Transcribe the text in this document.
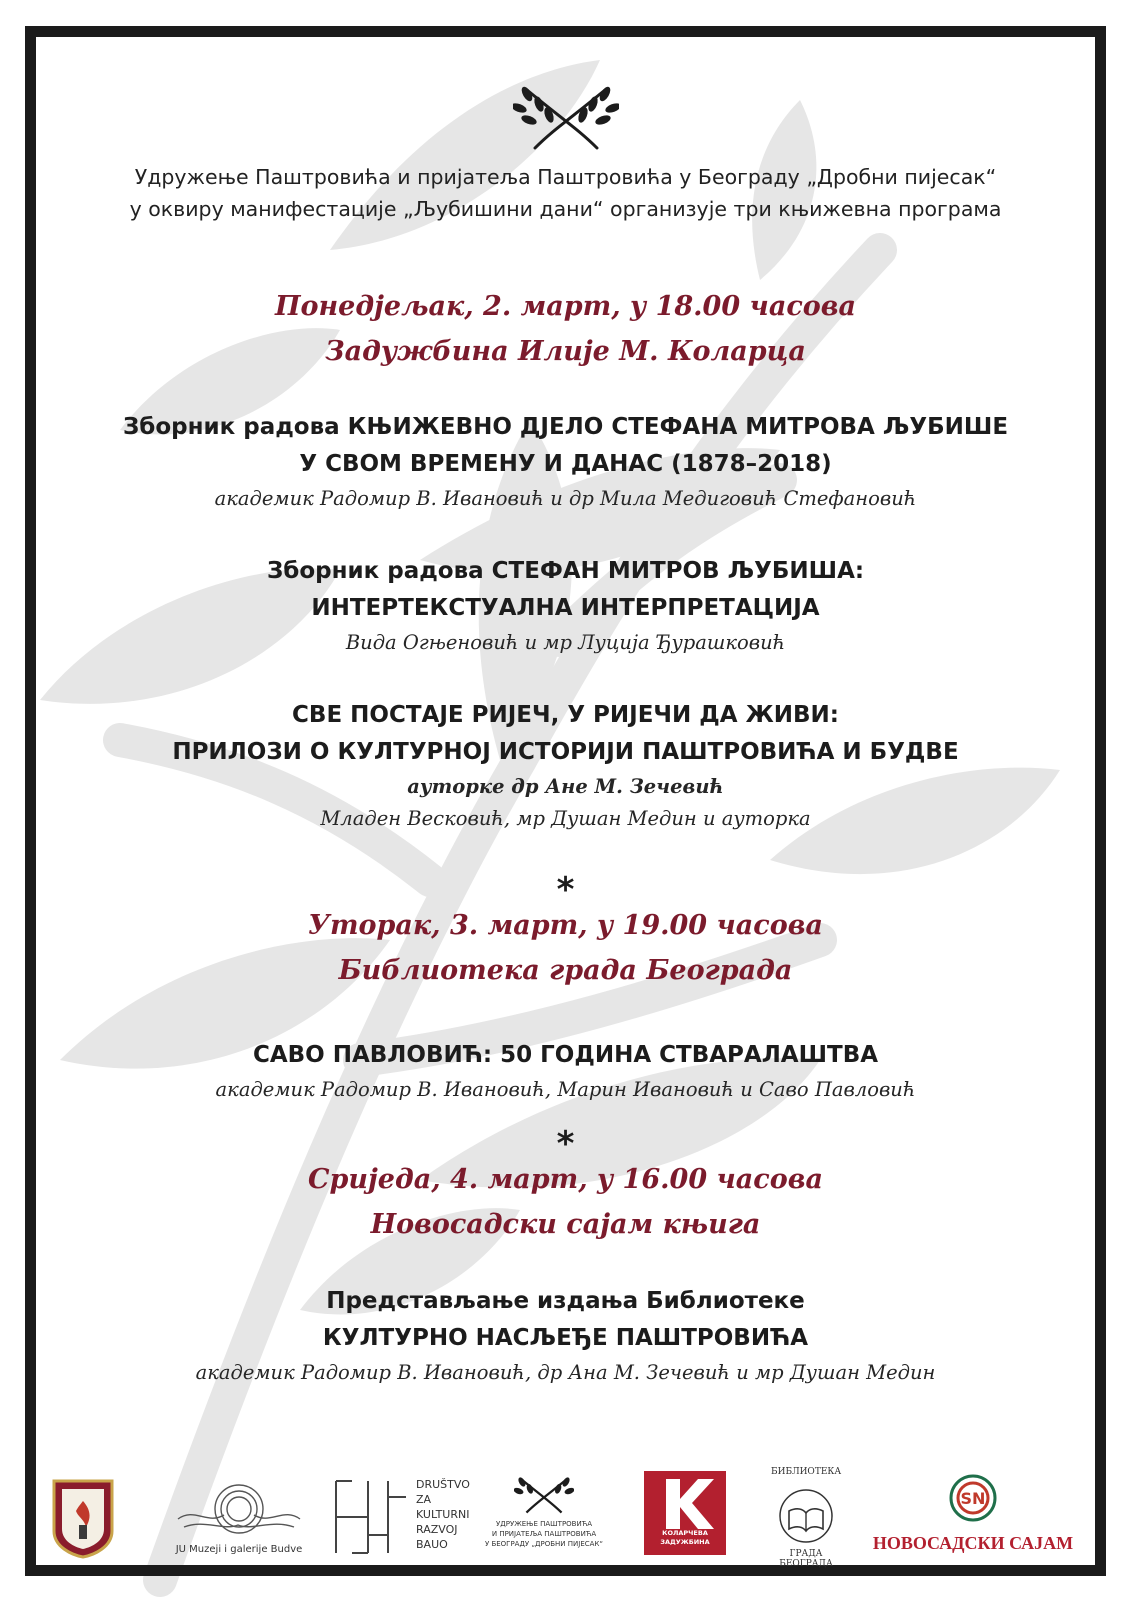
Удружење Паштровића и пријатеља Паштровића у Београду „Дробни пијесак“
у оквиру манифестације „Љубишини дани“ организује три књижевна програма
Понедјељак, 2. март, у 18.00 часова
Задужбина Илије М. Коларца
Зборник радова КЊИЖЕВНО ДЈЕЛО СТЕФАНА МИТРОВА ЉУБИШЕ
У СВОМ ВРЕМЕНУ И ДАНАС (1878–2018)
академик Радомир В. Ивановић и др Мила Медиговић Стефановић
Зборник радова СТЕФАН МИТРОВ ЉУБИША:
ИНТЕРТЕКСТУАЛНА ИНТЕРПРЕТАЦИЈА
Вида Огњеновић и мр Луција Ђурашковић
СВЕ ПОСТАЈЕ РИЈЕЧ, У РИЈЕЧИ ДА ЖИВИ:
ПРИЛОЗИ О КУЛТУРНОЈ ИСТОРИЈИ ПАШТРОВИЋА И БУДВЕ
ауторке др Ане М. Зечевић
Младен Весковић, мр Душан Медин и ауторка
*
Уторак, 3. март, у 19.00 часова
Библиотека града Београда
САВО ПАВЛОВИЋ: 50 ГОДИНА СТВАРАЛАШТВА
академик Радомир В. Ивановић, Марин Ивановић и Саво Павловић
*
Сриједа, 4. март, у 16.00 часова
Новосадски сајам књига
Представљање издања Библиотеке
КУЛТУРНО НАСЉЕЂЕ ПАШТРОВИЋА
академик Радомир В. Ивановић, др Ана М. Зечевић и мр Душан Медин
JU Muzeji i galerije Budve
DRUŠTVO
ZA
KULTURNI
RAZVOJ
BAUO
УДРУЖЕЊЕ ПАШТРОВИЋА
И ПРИЈАТЕЉА ПАШТРОВИЋА
У БЕОГРАДУ „ДРОБНИ ПИЈЕСАК“
КОЛАРЧЕВА ЗАДУЖБИНА
БИБЛИОТЕКА
ГРАДА БЕОГРАДА
SN
НОВОСАДСКИ САЈАМ
